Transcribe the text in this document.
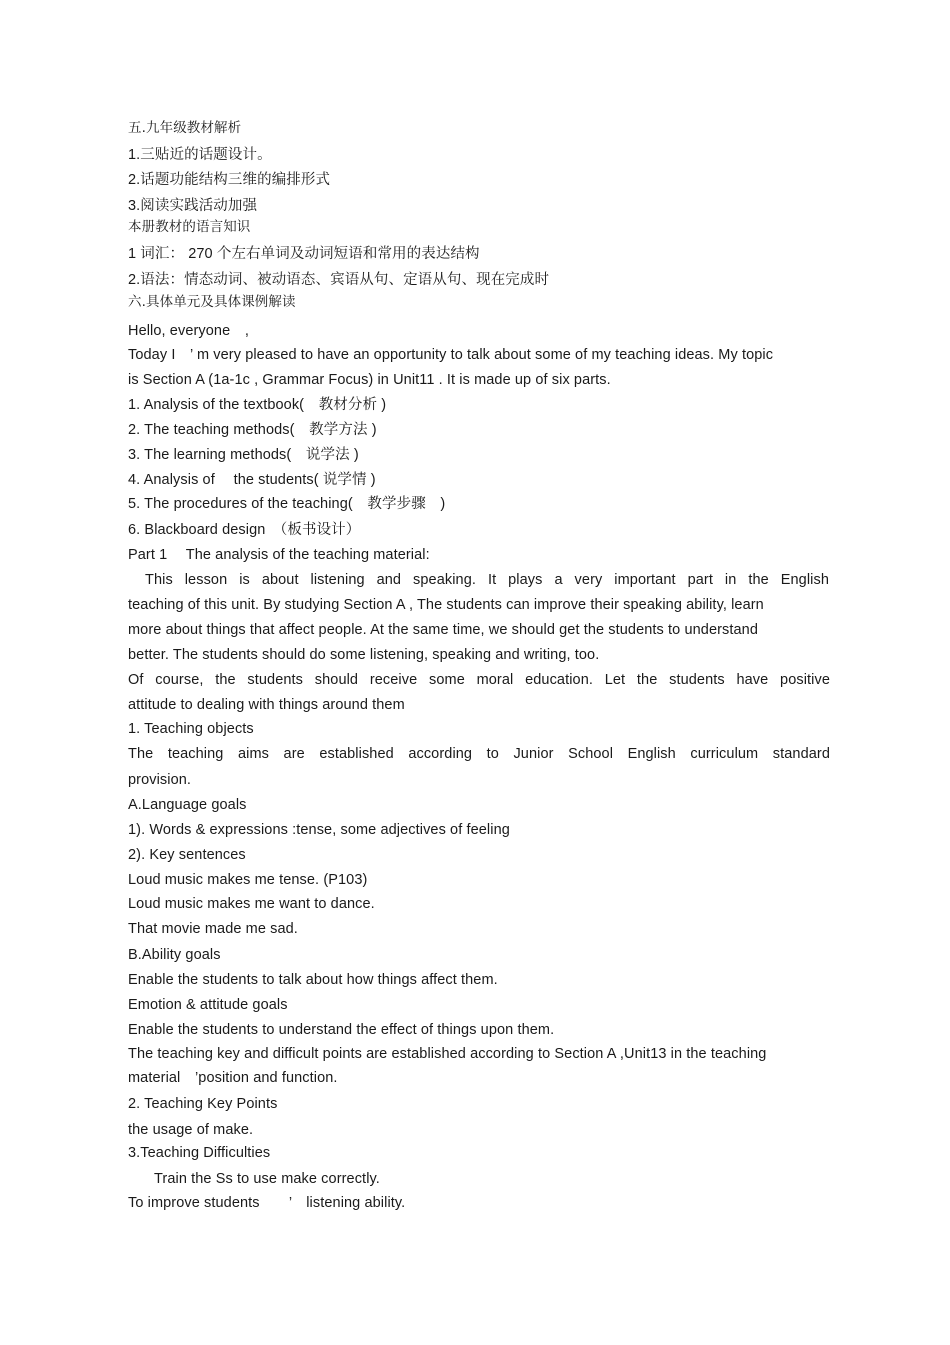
五.九年级教材解析
1.三贴近的话题设计。
2.话题功能结构三维的编排形式
3.阅读实践活动加强
本册教材的语言知识
1 词汇： 270 个左右单词及动词短语和常用的表达结构
2.语法：情态动词、被动语态、宾语从句、定语从句、现在完成时
六.具体单元及具体课例解读
Hello, everyone　,
Today I　’ m very pleased to have an opportunity to talk about some of my teaching ideas. My topic
is Section A (1a-1c , Grammar Focus) in Unit11 . It is made up of six parts.
1. Analysis of the textbook(　教材分析 )
2. The teaching methods(　教学方法 )
3. The learning methods(　说学法 )
4. Analysis of　 the students( 说学情 )
5. The procedures of the teaching(　教学步骤　)
6. Blackboard design　（板书设计）
Part 1　 The analysis of the teaching material:
This lesson is about listening and speaking. It plays a very important part in the English
teaching of this unit. By studying Section A , The students can improve their speaking ability, learn
more about things that affect people. At the same time, we should get the students to understand
better. The students should do some listening, speaking and writing, too.
Of course, the students should receive some moral education. Let the students have positive
attitude to dealing with things around them
1. Teaching objects
The teaching aims are established according to Junior School English curriculum standard
provision.
A.Language goals
1). Words & expressions :tense, some adjectives of feeling
2). Key sentences
Loud music makes me tense. (P103)
Loud music makes me want to dance.
That movie made me sad.
B.Ability goals
Enable the students to talk about how things affect them.
Emotion & attitude goals
Enable the students to understand the effect of things upon them.
The teaching key and difficult points are established according to Section A ,Unit13 in the teaching
material　’position and function.
2. Teaching Key Points
the usage of make.
3.Teaching Difficulties
Train the Ss to use make correctly.
To improve students　　’　listening ability.
